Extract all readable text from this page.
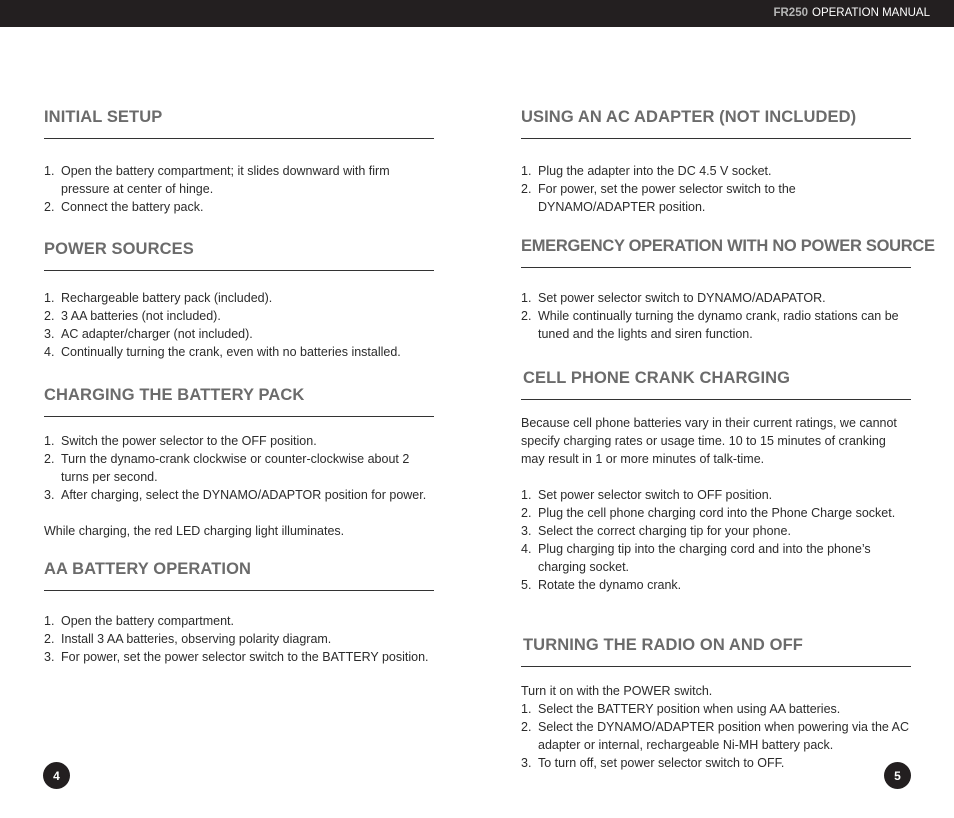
FR250 OPERATION MANUAL
INITIAL SETUP
1. Open the battery compartment; it slides downward with firm pressure at center of hinge.
2. Connect the battery pack.
POWER SOURCES
1. Rechargeable battery pack (included).
2. 3 AA batteries (not included).
3. AC adapter/charger (not included).
4. Continually turning the crank, even with no batteries installed.
CHARGING THE BATTERY PACK
1. Switch the power selector to the OFF position.
2. Turn the dynamo-crank clockwise or counter-clockwise about 2 turns per second.
3. After charging, select the DYNAMO/ADAPTOR position for power.

While charging, the red LED charging light illuminates.

AA BATTERY OPERATION
1. Open the battery compartment.
2. Install 3 AA batteries, observing polarity diagram.
3. For power, set the power selector switch to the BATTERY position.
USING AN AC ADAPTER (NOT INCLUDED)
1. Plug the adapter into the DC 4.5 V socket.
2. For power, set the power selector switch to the DYNAMO/ADAPTER position.
EMERGENCY OPERATION WITH NO POWER SOURCE
1. Set power selector switch to DYNAMO/ADAPATOR.
2. While continually turning the dynamo crank, radio stations can be tuned and the lights and siren function.
CELL PHONE CRANK CHARGING

Because cell phone batteries vary in their current ratings, we cannot specify charging rates or usage time. 10 to 15 minutes of cranking may result in 1 or more minutes of talk-time.

1. Set power selector switch to OFF position.
2. Plug the cell phone charging cord into the Phone Charge socket.
3. Select the correct charging tip for your phone.
4. Plug charging tip into the charging cord and into the phone’s charging socket.
5. Rotate the dynamo crank.
TURNING THE RADIO ON AND OFF

Turn it on with the POWER switch.

1. Select the BATTERY position when using AA batteries.
2. Select the DYNAMO/ADAPTER position when powering via the AC adapter or internal, rechargeable Ni-MH battery pack.
3. To turn off, set power selector switch to OFF.
4	5
